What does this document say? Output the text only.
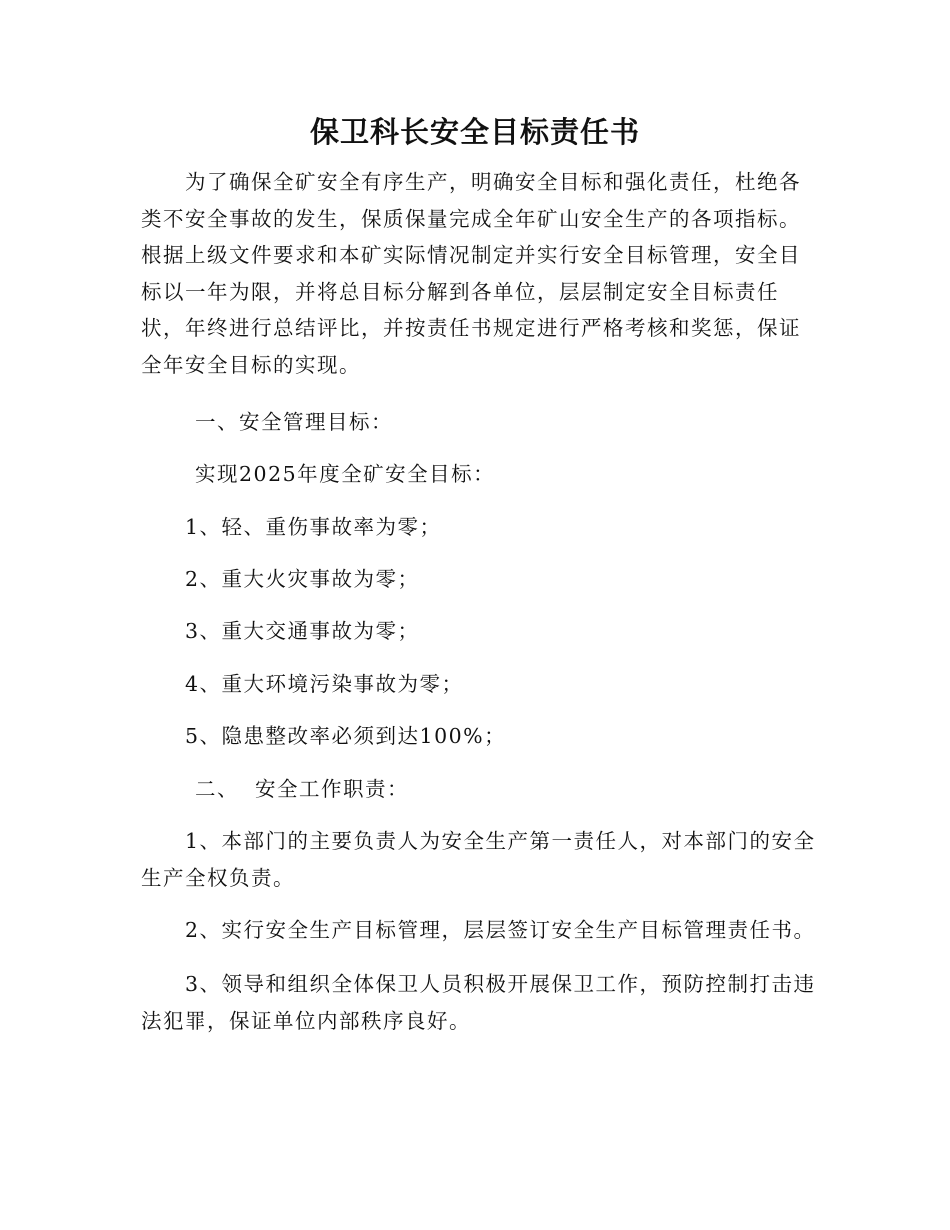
保卫科长安全目标责任书
为了确保全矿安全有序生产，明确安全目标和强化责任，杜绝各
类不安全事故的发生，保质保量完成全年矿山安全生产的各项指标。
根据上级文件要求和本矿实际情况制定并实行安全目标管理，安全目
标以一年为限，并将总目标分解到各单位，层层制定安全目标责任
状，年终进行总结评比，并按责任书规定进行严格考核和奖惩，保证
全年安全目标的实现。
一、安全管理目标：
实现2025年度全矿安全目标：
1、轻、重伤事故率为零；
2、重大火灾事故为零；
3、重大交通事故为零；
4、重大环境污染事故为零；
5、隐患整改率必须到达100%；
二、  安全工作职责：
1、本部门的主要负责人为安全生产第一责任人，对本部门的安全
生产全权负责。
2、实行安全生产目标管理，层层签订安全生产目标管理责任书。
3、领导和组织全体保卫人员积极开展保卫工作，预防控制打击违
法犯罪，保证单位内部秩序良好。
